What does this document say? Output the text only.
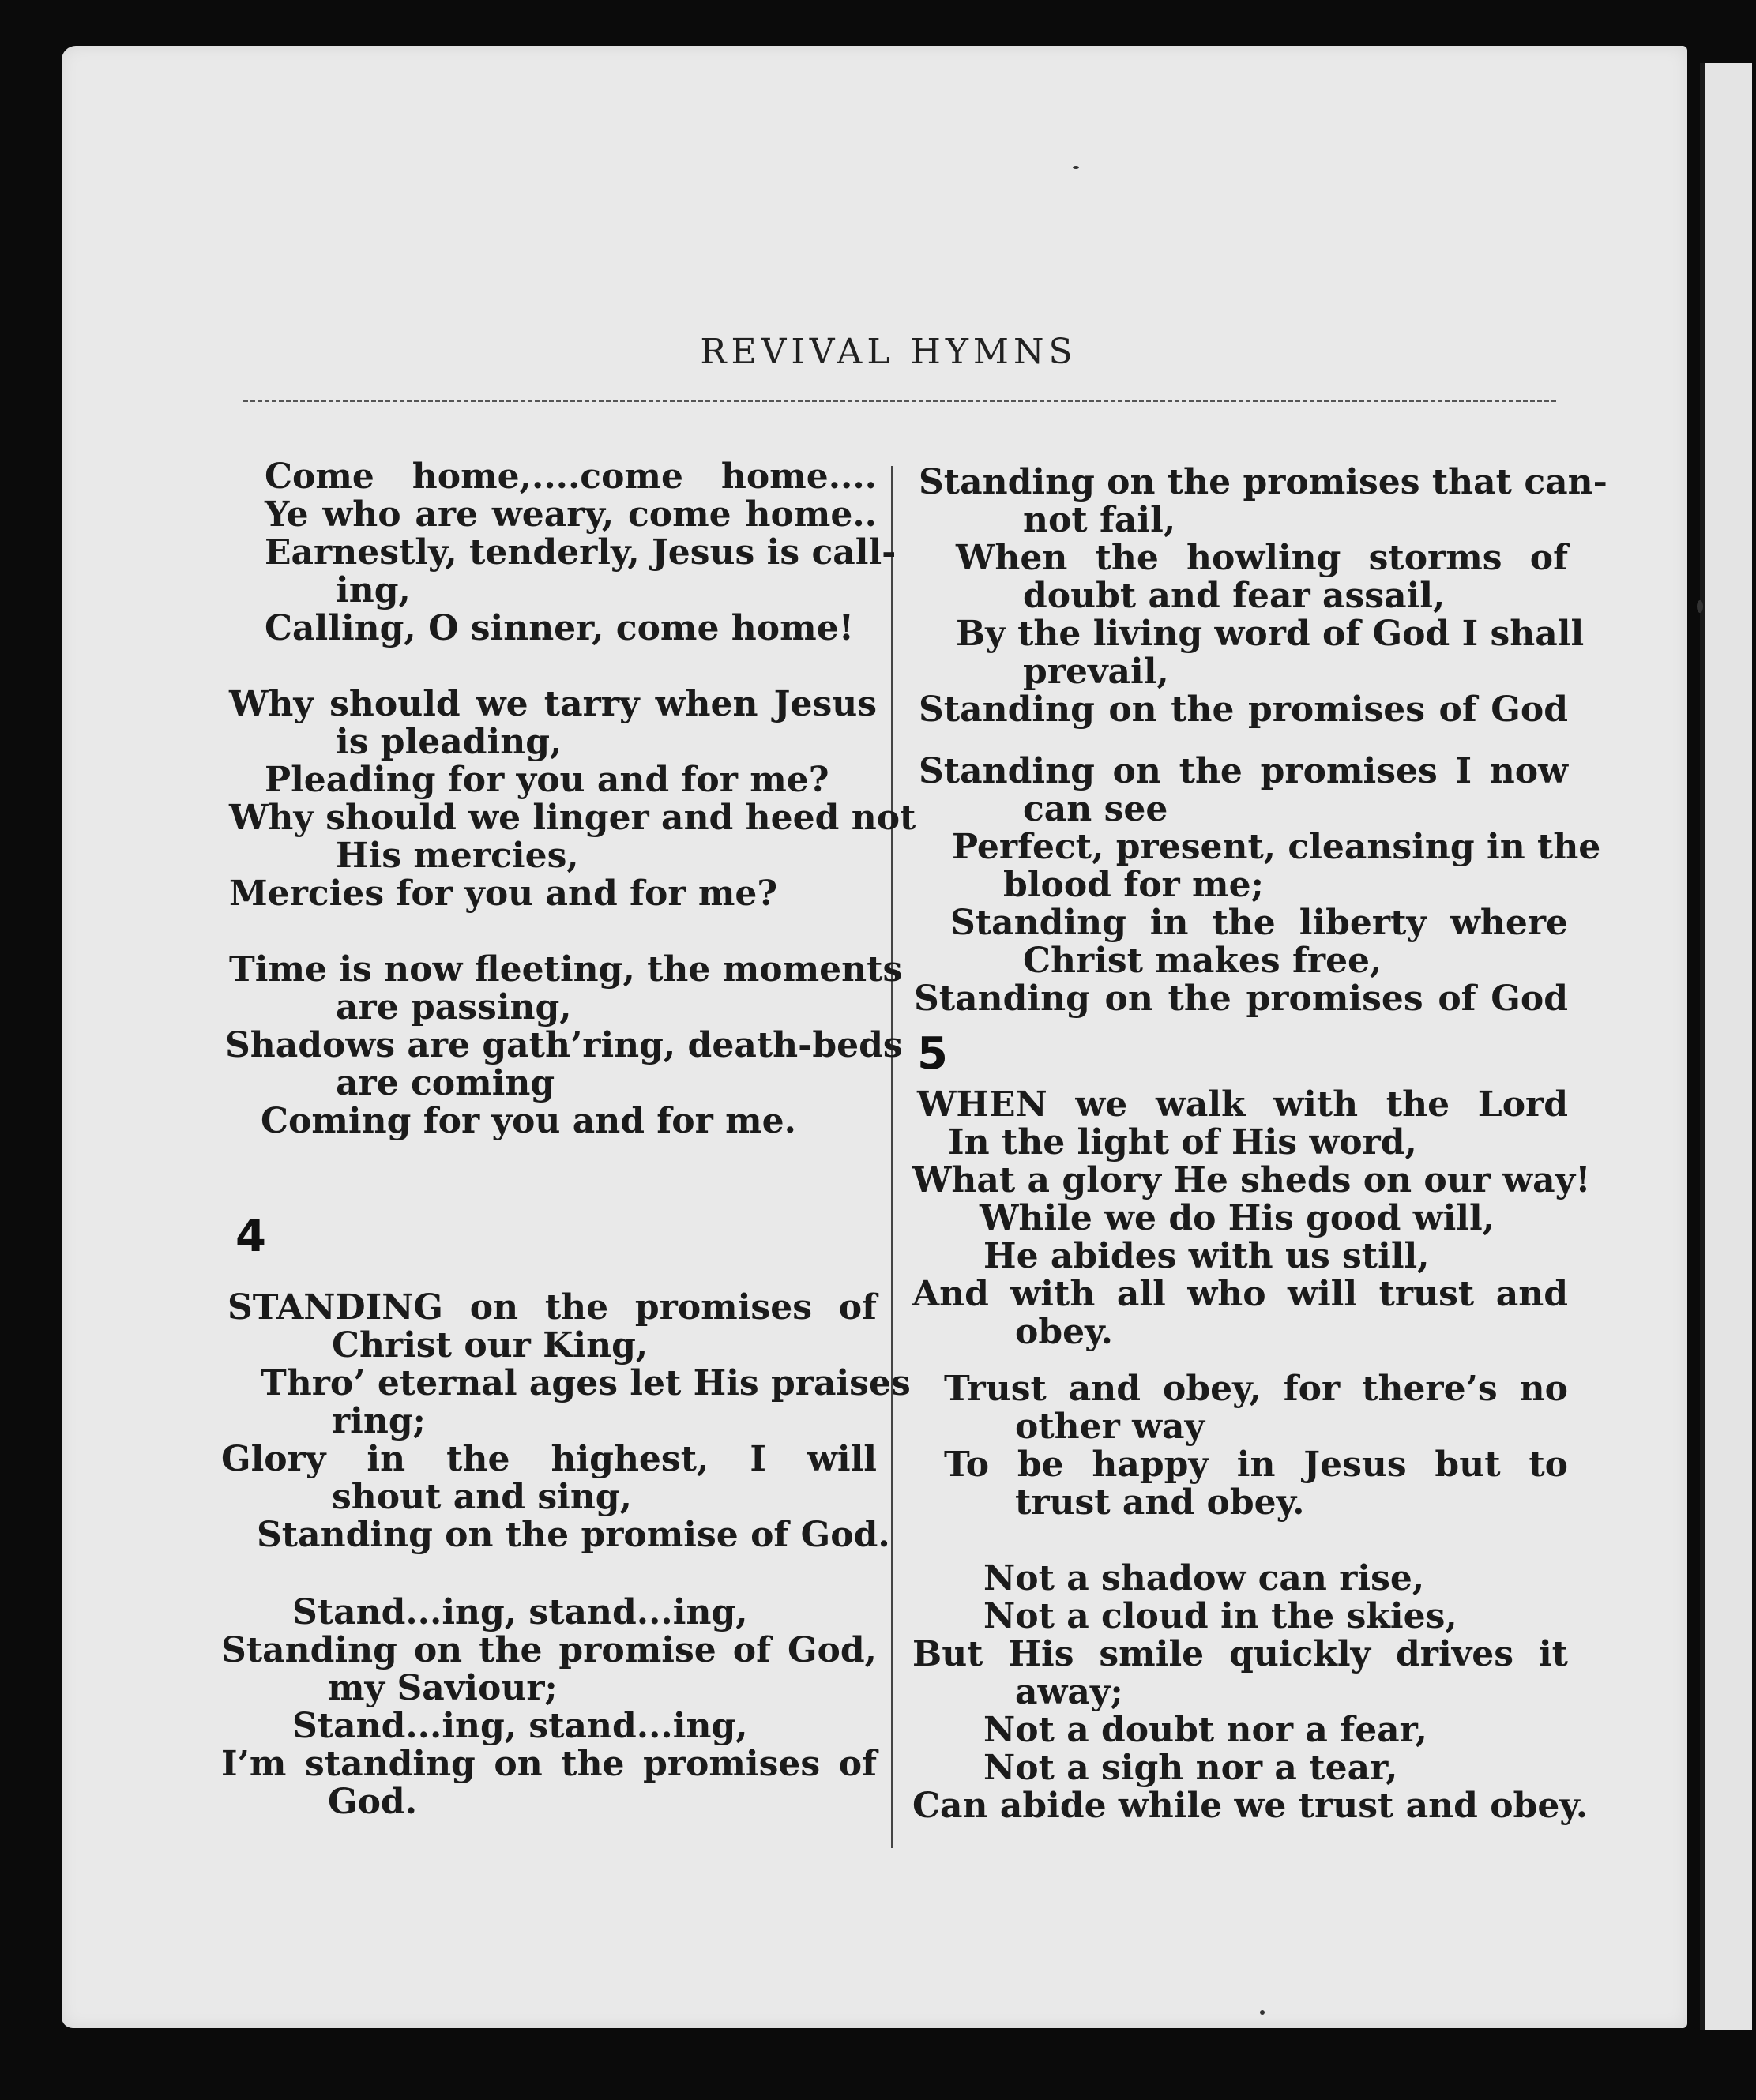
REVIVAL HYMNS
Come home,....come home....
Ye who are weary, come home..
Earnestly, tenderly, Jesus is call-
ing,
Calling, O sinner, come home!
Why should we tarry when Jesus
is pleading,
Pleading for you and for me?
Why should we linger and heed not
His mercies,
Mercies for you and for me?
Time is now fleeting, the moments
are passing,
Shadows are gath’ring, death-beds
are coming
Coming for you and for me.
4
STANDING on the promises of
Christ our King,
Thro’ eternal ages let His praises
ring;
Glory in the highest, I will
shout and sing,
Standing on the promise of God.
Stand...ing, stand...ing,
Standing on the promise of God,
my Saviour;
Stand...ing, stand...ing,
I’m standing on the promises of
God.
Standing on the promises that can-
not fail,
When the howling storms of
doubt and fear assail,
By the living word of God I shall
prevail,
Standing on the promises of God
Standing on the promises I now
can see
Perfect, present, cleansing in the
blood for me;
Standing in the liberty where
Christ makes free,
Standing on the promises of God
5
WHEN we walk with the Lord
In the light of His word,
What a glory He sheds on our way!
While we do His good will,
He abides with us still,
And with all who will trust and
obey.
Trust and obey, for there’s no
other way
To be happy in Jesus but to
trust and obey.
Not a shadow can rise,
Not a cloud in the skies,
But His smile quickly drives it
away;
Not a doubt nor a fear,
Not a sigh nor a tear,
Can abide while we trust and obey.
